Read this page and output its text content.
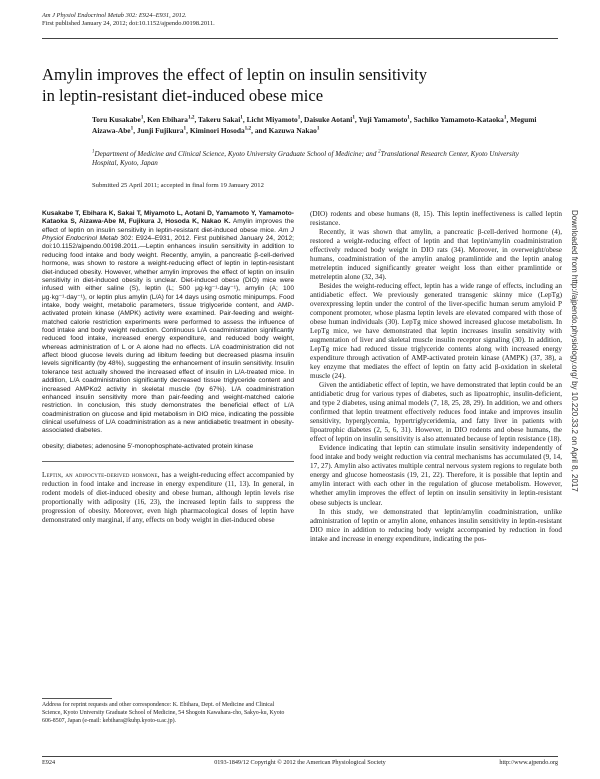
Am J Physiol Endocrinol Metab 302: E924–E931, 2012.
First published January 24, 2012; doi:10.1152/ajpendo.00198.2011.
Amylin improves the effect of leptin on insulin sensitivity
in leptin-resistant diet-induced obese mice
Toru Kusakabe$^1$, Ken Ebihara$^{1,2}$, Takeru Sakai$^1$, Licht Miyamoto$^1$, Daisuke Aotani$^1$, Yuji Yamamoto$^1$, Sachiko Yamamoto-Kataoka$^1$, Megumi Aizawa-Abe$^1$, Junji Fujikura$^1$, Kiminori Hosoda$^{1,2}$, and Kazuwa Nakao$^1$
$^1$Department of Medicine and Clinical Science, Kyoto University Graduate School of Medicine; and $^2$Translational Research Center, Kyoto University Hospital, Kyoto, Japan
Submitted 25 April 2011; accepted in final form 19 January 2012
Kusakabe T, Ebihara K, Sakai T, Miyamoto L, Aotani D, Yamamoto Y, Yamamoto-Kataoka S, Aizawa-Abe M, Fujikura J, Hosoda K, Nakao K. Amylin improves the effect of leptin on insulin sensitivity in leptin-resistant diet-induced obese mice. Am J Physiol Endocrinol Metab 302: E924–E931, 2012. First published January 24, 2012; doi:10.1152/ajpendo.00198.2011.—Leptin enhances insulin sensitivity in addition to reducing food intake and body weight. Recently, amylin, a pancreatic β-cell-derived hormone, was shown to restore a weight-reducing effect of leptin in leptin-resistant diet-induced obesity. However, whether amylin improves the effect of leptin on insulin sensitivity in diet-induced obesity is unclear. Diet-induced obese (DIO) mice were infused with either saline (S), leptin (L; 500 μg·kg⁻¹·day⁻¹), amylin (A; 100 μg·kg⁻¹·day⁻¹), or leptin plus amylin (L/A) for 14 days using osmotic minipumps. Food intake, body weight, metabolic parameters, tissue triglyceride content, and AMP-activated protein kinase (AMPK) activity were examined. Pair-feeding and weight-matched calorie restriction experiments were performed to assess the influence of food intake and body weight reduction. Continuous L/A coadministration significantly reduced food intake, increased energy expenditure, and reduced body weight, whereas administration of L or A alone had no effects. L/A coadministration did not affect blood glucose levels during ad libitum feeding but decreased plasma insulin levels significantly (by 48%), suggesting the enhancement of insulin sensitivity. Insulin tolerance test actually showed the increased effect of insulin in L/A-treated mice. In addition, L/A coadministration significantly decreased tissue triglyceride content and increased AMPKα2 activity in skeletal muscle (by 67%). L/A coadministration enhanced insulin sensitivity more than pair-feeding and weight-matched calorie restriction. In conclusion, this study demonstrates the beneficial effect of L/A coadministration on glucose and lipid metabolism in DIO mice, indicating the possible clinical usefulness of L/A coadministration as a new antidiabetic treatment in obesity-associated diabetes.
obesity; diabetes; adenosine 5′-monophosphate-activated protein kinase

Leptin, an adipocyte-derived hormone, has a weight-reducing effect accompanied by reduction in food intake and increase in energy expenditure (11, 13). In general, in rodent models of diet-induced obesity and obese human, although leptin levels rise proportionally with adiposity (16, 23), the increased leptin fails to suppress the progression of obesity. Moreover, even high pharmacological doses of leptin have demonstrated only marginal, if any, effects on body weight in diet-induced obese

(DIO) rodents and obese humans (8, 15). This leptin ineffectiveness is called leptin resistance.

Recently, it was shown that amylin, a pancreatic β-cell-derived hormone (4), restored a weight-reducing effect of leptin and that leptin/amylin coadministration effectively reduced body weight in DIO rats (34). Moreover, in overweight/obese humans, coadministration of the amylin analog pramlintide and the leptin analog metreleptin induced significantly greater weight loss than either pramlintide or metreleptin alone (32, 34).

Besides the weight-reducing effect, leptin has a wide range of effects, including an antidiabetic effect. We previously generated transgenic skinny mice (LepTg) overexpressing leptin under the control of the liver-specific human serum amyloid P component promoter, whose plasma leptin levels are elevated compared with those of obese human individuals (30). LepTg mice showed increased glucose metabolism. In LepTg mice, we have demonstrated that leptin increases insulin sensitivity with augmentation of liver and skeletal muscle insulin receptor signaling (30). In addition, LepTg mice had reduced tissue triglyceride contents along with increased energy expenditure through activation of AMP-activated protein kinase (AMPK) (37, 38), a key enzyme that mediates the effect of leptin on fatty acid β-oxidation in skeletal muscle (24).

Given the antidiabetic effect of leptin, we have demonstrated that leptin could be an antidiabetic drug for various types of diabetes, such as lipoatrophic, insulin-deficient, and type 2 diabetes, using animal models (7, 18, 25, 28, 29). In addition, we and others confirmed that leptin treatment effectively reduces food intake and improves insulin sensitivity, hyperglycemia, hypertriglyceridemia, and fatty liver in patients with lipoatrophic diabetes (2, 5, 6, 31). However, in DIO rodents and obese humans, the effect of leptin on insulin sensitivity is also attenuated because of leptin resistance (18).

Evidence indicating that leptin can stimulate insulin sensitivity independently of food intake and body weight reduction via central mechanisms has accumulated (9, 14, 17, 27). Amylin also activates multiple central nervous system regions to regulate both energy and glucose homeostasis (19, 21, 22). Therefore, it is possible that leptin and amylin interact with each other in the regulation of glucose metabolism. However, whether amylin improves the effect of leptin on insulin sensitivity in leptin-resistant obese subjects is unclear.

In this study, we demonstrated that leptin/amylin coadministration, unlike administration of leptin or amylin alone, enhances insulin sensitivity in leptin-resistant DIO mice in addition to reducing body weight accompanied by reduction in food intake and increase in energy expenditure, indicating the pos-

Address for reprint requests and other correspondence: K. Ebihara, Dept. of Medicine and Clinical Science, Kyoto University Graduate School of Medicine, 54 Shogoin Kawahara-cho, Sakyo-ku, Kyoto 606-8507, Japan (e-mail: kebihara@kuhp.kyoto-u.ac.jp).
E924	0193-1849/12 Copyright © 2012 the American Physiological Society	http://www.ajpendo.org
Downloaded from http://ajpendo.physiology.org/ by 10.220.33.2 on April 8, 2017
